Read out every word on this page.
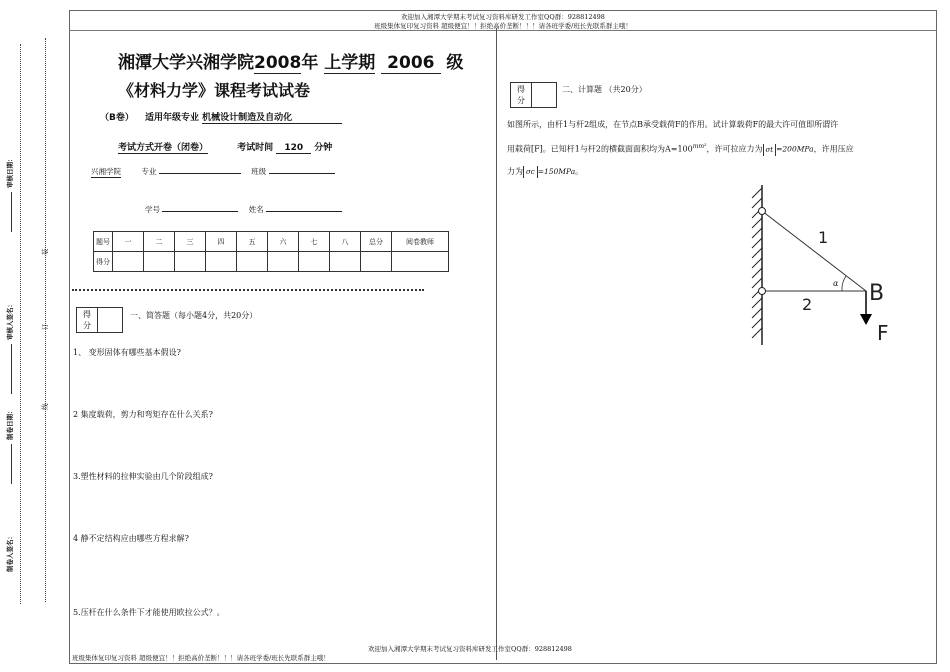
欢迎加入湘潭大学期末考试复习资料库研发工作室QQ群：928812498
班级集体复印复习资料 超级便宜！！拒绝高价垄断！！！请各班学委/班长先联系群主哦！
审核日期：
审核人签名：
制卷日期：
制卷人签名：
装
订
线
湘潭大学兴湘学院2008年 上学期 2006 级
《材料力学》课程考试试卷
（B卷） 适用年级专业 机械设计制造及自动化
考试方式开卷（闭卷）	考试时间 120 分钟
兴湘学院	专业	班级
学号	姓名
题号	一	二	三	四	五	六	七	八	总分	阅卷教师
得分										
得
分
一、简答题（每小题4分，共20分）
1、 变形固体有哪些基本假设?
2 集度载荷，剪力和弯矩存在什么关系?
3.塑性材料的拉伸实验由几个阶段组成?
4 静不定结构应由哪些方程求解?
5.压杆在什么条件下才能使用欧拉公式？。
得
分
二、计算题 （共20分）
如图所示，由杆1与杆2组成，在节点B承受载荷F的作用。试计算载荷F的最大许可值即所谓许
用载荷[F]。已知杆1与杆2的横截面面积均为$A=100^{mm^2}$，许可拉应力为 σt =200MPa，许用压应
力为 σc =150MPa。
1
2	B
F
α
欢迎加入湘潭大学期末考试复习资料库研发工作室QQ群：928812498
班级集体复印复习资料 超级便宜！！拒绝高价垄断！！！请各班学委/班长先联系群主哦！
